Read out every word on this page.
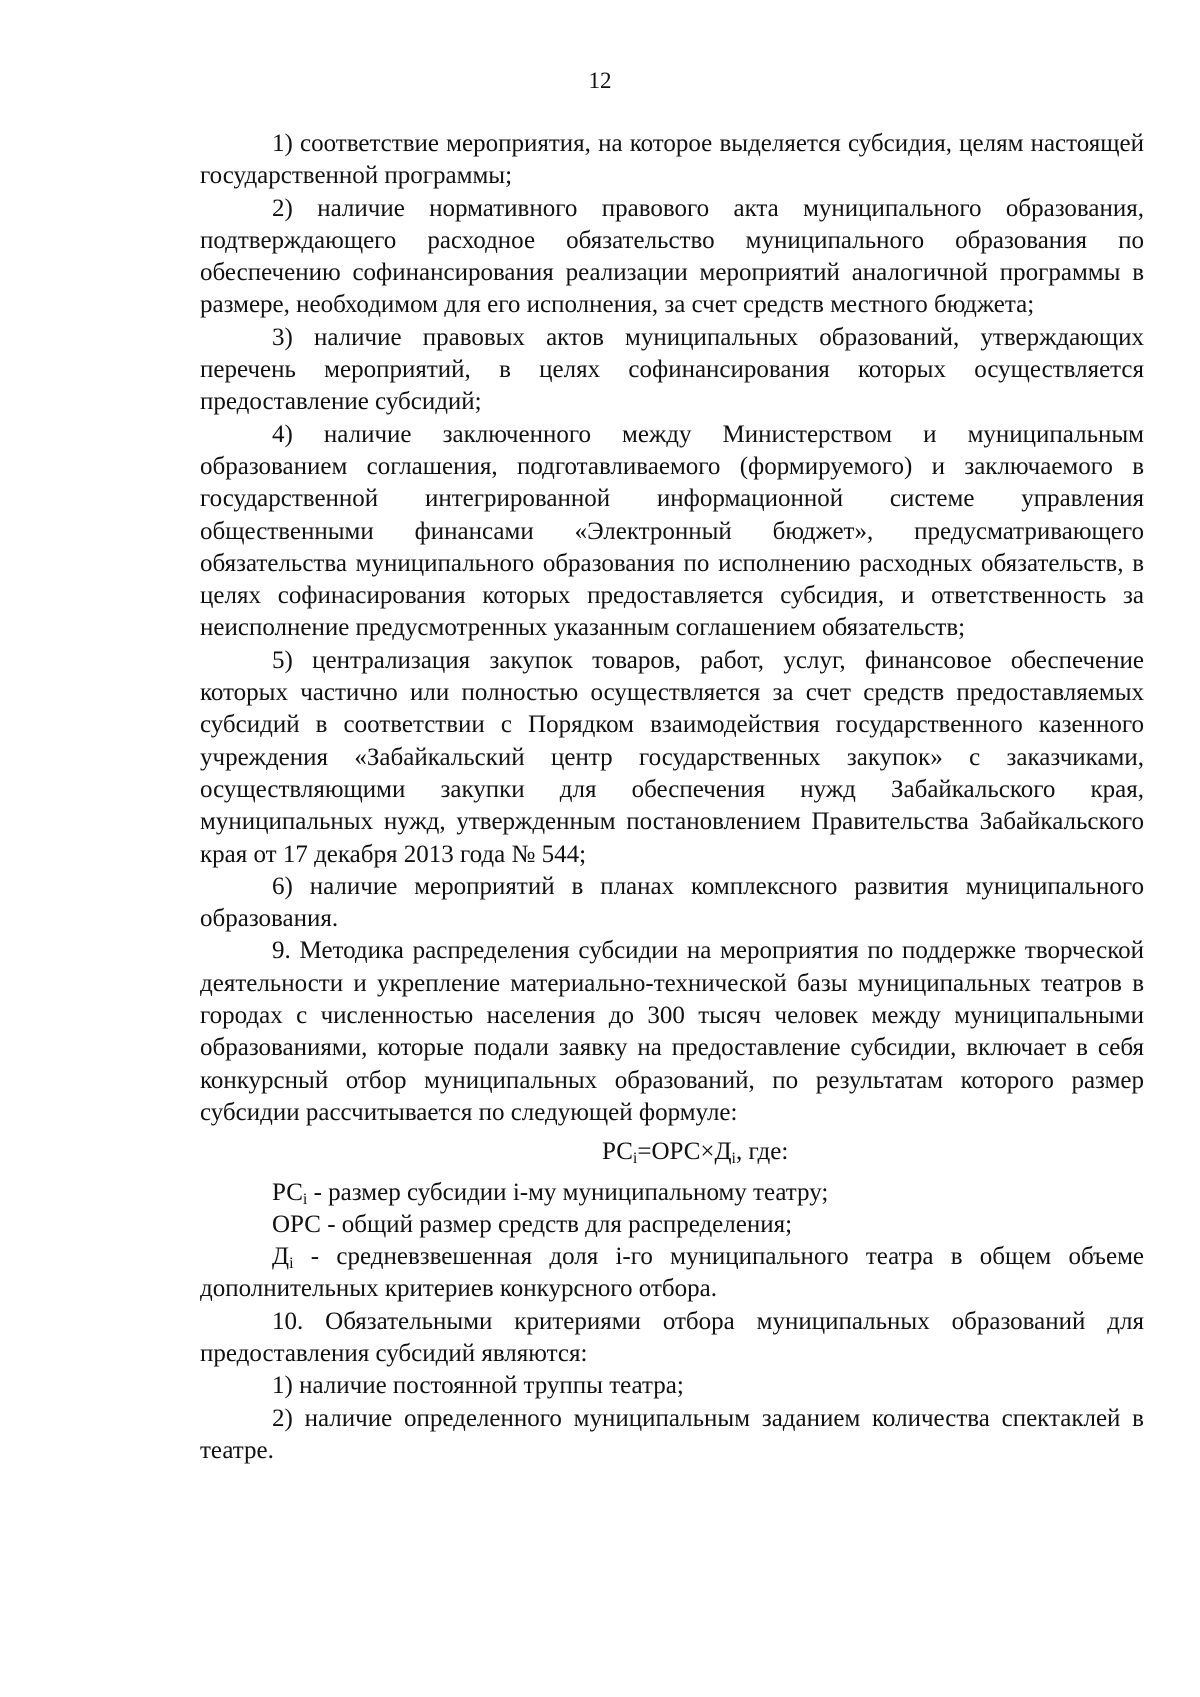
12

1) соответствие мероприятия, на которое выделяется субсидия, целям настоящей государственной программы;

2) наличие нормативного правового акта муниципального образования, подтверждающего расходное обязательство муниципального образования по обеспечению софинансирования реализации мероприятий аналогичной программы в размере, необходимом для его исполнения, за счет средств местного бюджета;

3) наличие правовых актов муниципальных образований, утверждающих перечень мероприятий, в целях софинансирования которых осуществляется предоставление субсидий;

4) наличие заключенного между Министерством и муниципальным образованием соглашения, подготавливаемого (формируемого) и заключаемого в государственной интегрированной информационной системе управления общественными финансами «Электронный бюджет», предусматривающего обязательства муниципального образования по исполнению расходных обязательств, в целях софинасирования которых предоставляется субсидия, и ответственность за неисполнение предусмотренных указанным соглашением обязательств;

5) централизация закупок товаров, работ, услуг, финансовое обеспечение которых частично или полностью осуществляется за счет средств предоставляемых субсидий в соответствии с Порядком взаимодействия государственного казенного учреждения «Забайкальский центр государственных закупок» с заказчиками, осуществляющими закупки для обеспечения нужд Забайкальского края, муниципальных нужд, утвержденным постановлением Правительства Забайкальского края от 17 декабря 2013 года № 544;

6) наличие мероприятий в планах комплексного развития муниципального образования.

9. Методика распределения субсидии на мероприятия по поддержке творческой деятельности и укрепление материально-технической базы муниципальных театров в городах с численностью населения до 300 тысяч человек между муниципальными образованиями, которые подали заявку на предоставление субсидии, включает в себя конкурсный отбор муниципальных образований, по результатам которого размер субсидии рассчитывается по следующей формуле:

$РС_i=ОРС\times Д_i$, где:

$РС_i$ - размер субсидии i-му муниципальному театру;

ОРС - общий размер средств для распределения;

$Д_i$ - средневзвешенная доля i-го муниципального театра в общем объеме дополнительных критериев конкурсного отбора.

10. Обязательными критериями отбора муниципальных образований для предоставления субсидий являются:

1) наличие постоянной труппы театра;

2) наличие определенного муниципальным заданием количества спектаклей в театре.
